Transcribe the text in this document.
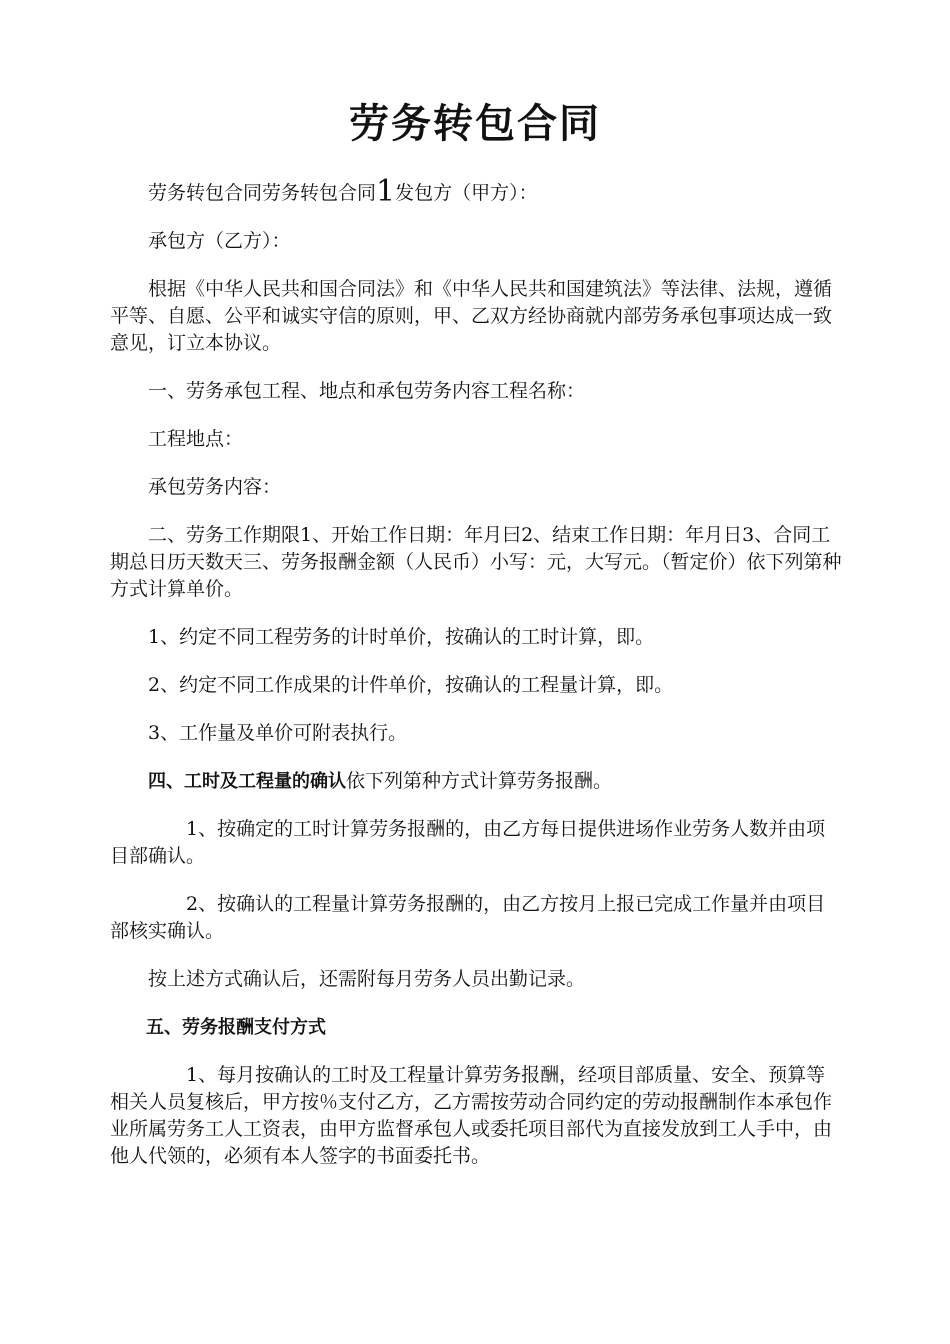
劳务转包合同

劳务转包合同劳务转包合同1发包方（甲方）：

承包方（乙方）：

根据《中华人民共和国合同法》和《中华人民共和国建筑法》等法律、法规，遵循平等、自愿、公平和诚实守信的原则，甲、乙双方经协商就内部劳务承包事项达成一致意见，订立本协议。

一、劳务承包工程、地点和承包劳务内容工程名称：

工程地点：

承包劳务内容：

二、劳务工作期限1、开始工作日期：年月曰2、结束工作日期：年月日3、合同工期总日历天数天三、劳务报酬金额（人民币）小写：元，大写元。（暂定价）依下列第种方式计算单价。

1、约定不同工程劳务的计时单价，按确认的工时计算，即。

2、约定不同工作成果的计件单价，按确认的工程量计算，即。

3、工作量及单价可附表执行。

四、工时及工程量的确认依下列第种方式计算劳务报酬。

1、按确定的工时计算劳务报酬的，由乙方每日提供进场作业劳务人数并由项目部确认。

2、按确认的工程量计算劳务报酬的，由乙方按月上报已完成工作量并由项目部核实确认。

按上述方式确认后，还需附每月劳务人员出勤记录。

五、劳务报酬支付方式

1、每月按确认的工时及工程量计算劳务报酬，经项目部质量、安全、预算等相关人员复核后，甲方按％支付乙方，乙方需按劳动合同约定的劳动报酬制作本承包作业所属劳务工人工资表，由甲方监督承包人或委托项目部代为直接发放到工人手中，由他人代领的，必须有本人签字的书面委托书。
